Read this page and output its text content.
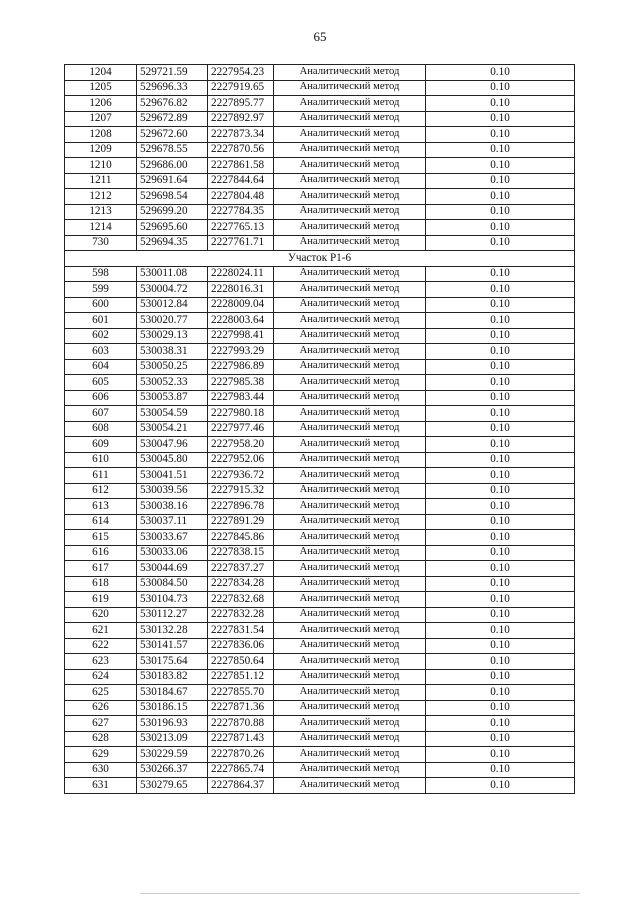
65
1204	529721.59	2227954.23	Аналитический метод	0.10
1205	529696.33	2227919.65	Аналитический метод	0.10
1206	529676.82	2227895.77	Аналитический метод	0.10
1207	529672.89	2227892.97	Аналитический метод	0.10
1208	529672.60	2227873.34	Аналитический метод	0.10
1209	529678.55	2227870.56	Аналитический метод	0.10
1210	529686.00	2227861.58	Аналитический метод	0.10
1211	529691.64	2227844.64	Аналитический метод	0.10
1212	529698.54	2227804.48	Аналитический метод	0.10
1213	529699.20	2227784.35	Аналитический метод	0.10
1214	529695.60	2227765.13	Аналитический метод	0.10
730	529694.35	2227761.71	Аналитический метод	0.10
Участок Р1-6				
598	530011.08	2228024.11	Аналитический метод	0.10
599	530004.72	2228016.31	Аналитический метод	0.10
600	530012.84	2228009.04	Аналитический метод	0.10
601	530020.77	2228003.64	Аналитический метод	0.10
602	530029.13	2227998.41	Аналитический метод	0.10
603	530038.31	2227993.29	Аналитический метод	0.10
604	530050.25	2227986.89	Аналитический метод	0.10
605	530052.33	2227985.38	Аналитический метод	0.10
606	530053.87	2227983.44	Аналитический метод	0.10
607	530054.59	2227980.18	Аналитический метод	0.10
608	530054.21	2227977.46	Аналитический метод	0.10
609	530047.96	2227958.20	Аналитический метод	0.10
610	530045.80	2227952.06	Аналитический метод	0.10
611	530041.51	2227936.72	Аналитический метод	0.10
612	530039.56	2227915.32	Аналитический метод	0.10
613	530038.16	2227896.78	Аналитический метод	0.10
614	530037.11	2227891.29	Аналитический метод	0.10
615	530033.67	2227845.86	Аналитический метод	0.10
616	530033.06	2227838.15	Аналитический метод	0.10
617	530044.69	2227837.27	Аналитический метод	0.10
618	530084.50	2227834.28	Аналитический метод	0.10
619	530104.73	2227832.68	Аналитический метод	0.10
620	530112.27	2227832.28	Аналитический метод	0.10
621	530132.28	2227831.54	Аналитический метод	0.10
622	530141.57	2227836.06	Аналитический метод	0.10
623	530175.64	2227850.64	Аналитический метод	0.10
624	530183.82	2227851.12	Аналитический метод	0.10
625	530184.67	2227855.70	Аналитический метод	0.10
626	530186.15	2227871.36	Аналитический метод	0.10
627	530196.93	2227870.88	Аналитический метод	0.10
628	530213.09	2227871.43	Аналитический метод	0.10
629	530229.59	2227870.26	Аналитический метод	0.10
630	530266.37	2227865.74	Аналитический метод	0.10
631	530279.65	2227864.37	Аналитический метод	0.10
